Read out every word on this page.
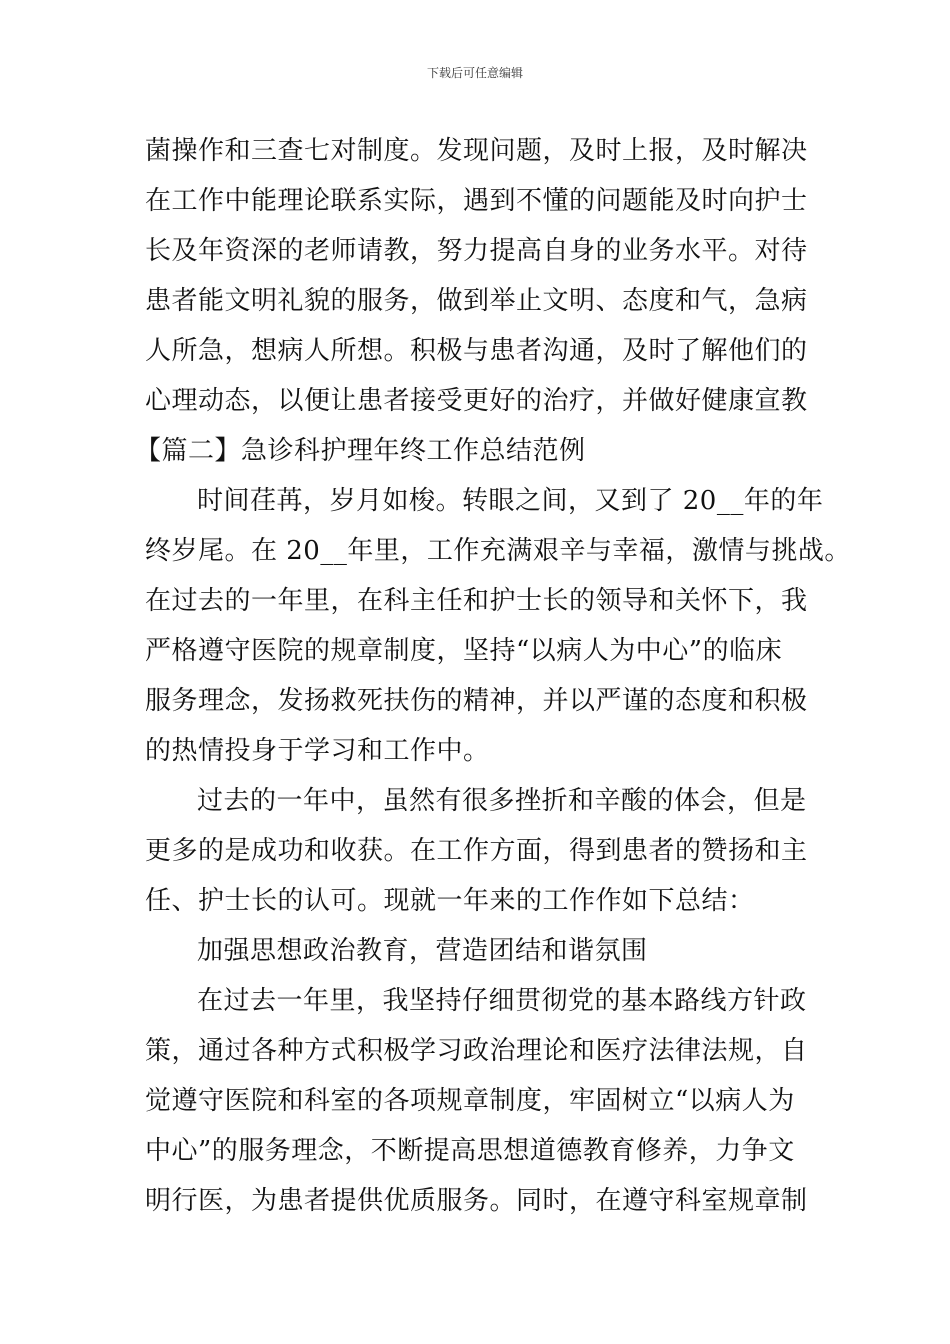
下载后可任意编辑
菌操作和三查七对制度。发现问题，及时上报，及时解决
在工作中能理论联系实际，遇到不懂的问题能及时向护士
长及年资深的老师请教，努力提高自身的业务水平。对待
患者能文明礼貌的服务，做到举止文明、态度和气，急病
人所急，想病人所想。积极与患者沟通，及时了解他们的
心理动态，以便让患者接受更好的治疗，并做好健康宣教
【篇二】急诊科护理年终工作总结范例
时间荏苒，岁月如梭。转眼之间，又到了 20__年的年
终岁尾。在 20__年里，工作充满艰辛与幸福，激情与挑战。
在过去的一年里，在科主任和护士长的领导和关怀下，我
严格遵守医院的规章制度，坚持“以病人为中心”的临床
服务理念，发扬救死扶伤的精神，并以严谨的态度和积极
的热情投身于学习和工作中。
过去的一年中，虽然有很多挫折和辛酸的体会，但是
更多的是成功和收获。在工作方面，得到患者的赞扬和主
任、护士长的认可。现就一年来的工作作如下总结：
加强思想政治教育，营造团结和谐氛围
在过去一年里，我坚持仔细贯彻党的基本路线方针政
策，通过各种方式积极学习政治理论和医疗法律法规，自
觉遵守医院和科室的各项规章制度，牢固树立“以病人为
中心”的服务理念，不断提高思想道德教育修养，力争文
明行医，为患者提供优质服务。同时，在遵守科室规章制
